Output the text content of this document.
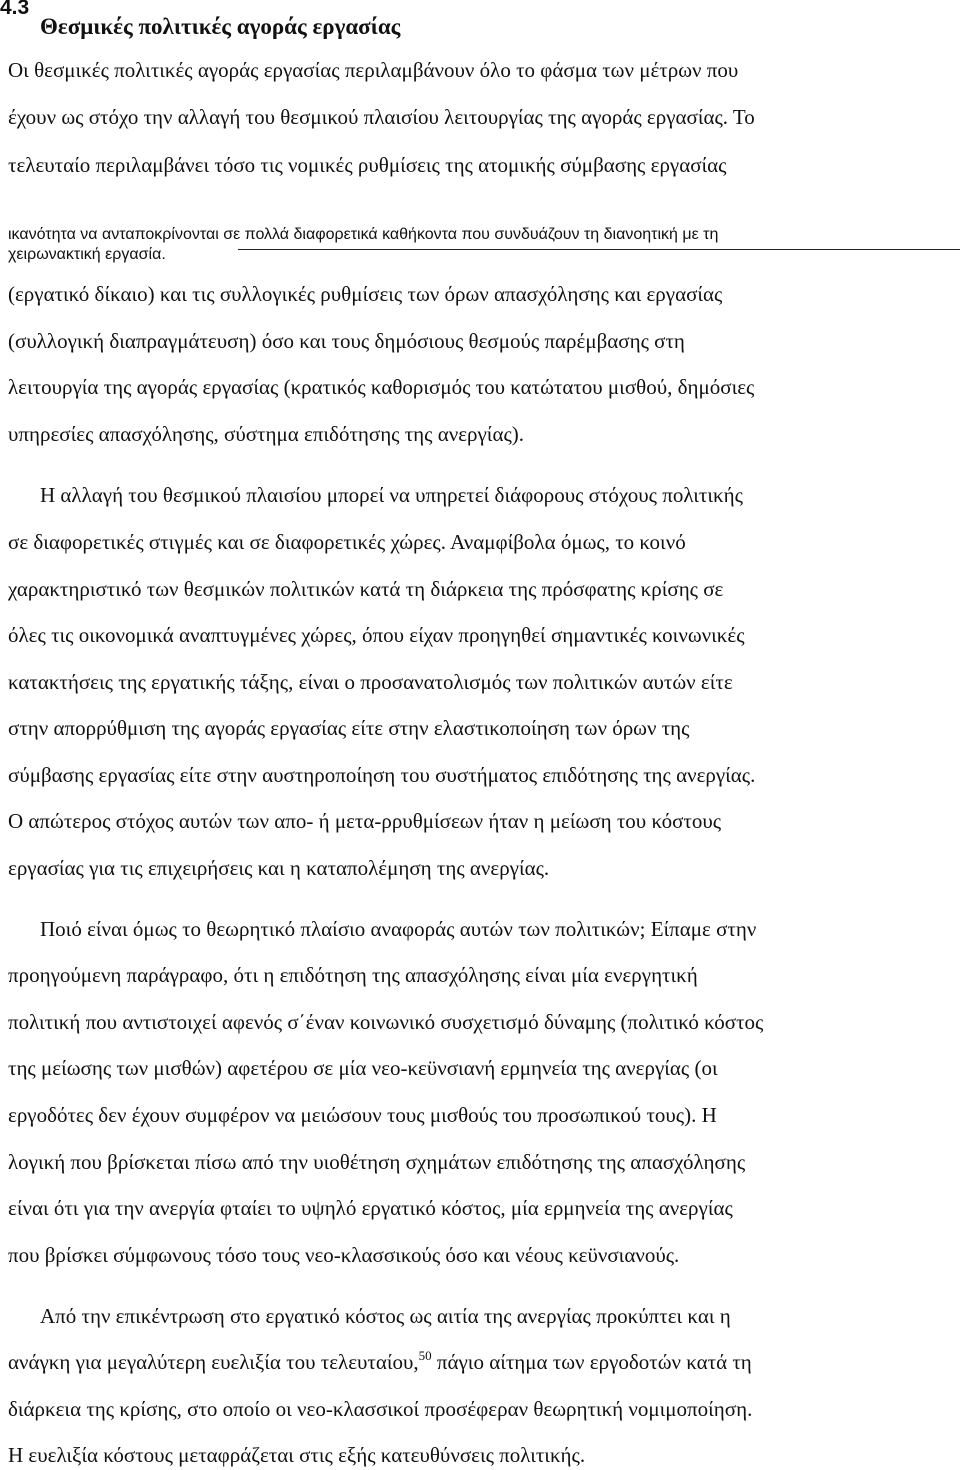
4.3
Θεσμικές πολιτικές αγοράς εργασίας
Οι θεσμικές πολιτικές αγοράς εργασίας περιλαμβάνουν όλο το φάσμα των μέτρων που
έχουν ως στόχο την αλλαγή του θεσμικού πλαισίου λειτουργίας της αγοράς εργασίας. Το
τελευταίο περιλαμβάνει τόσο τις νομικές ρυθμίσεις της ατομικής σύμβασης εργασίας
ικανότητα να ανταποκρίνονται σε πολλά διαφορετικά καθήκοντα που συνδυάζουν τη διανοητική με τη
χειρωνακτική εργασία.
(εργατικό δίκαιο) και τις συλλογικές ρυθμίσεις των όρων απασχόλησης και εργασίας
(συλλογική διαπραγμάτευση) όσο και τους δημόσιους θεσμούς παρέμβασης στη
λειτουργία της αγοράς εργασίας (κρατικός καθορισμός του κατώτατου μισθού, δημόσιες
υπηρεσίες απασχόλησης, σύστημα επιδότησης της ανεργίας).
Η αλλαγή του θεσμικού πλαισίου μπορεί να υπηρετεί διάφορους στόχους πολιτικής
σε διαφορετικές στιγμές και σε διαφορετικές χώρες. Αναμφίβολα όμως, το κοινό
χαρακτηριστικό των θεσμικών πολιτικών κατά τη διάρκεια της πρόσφατης κρίσης σε
όλες τις οικονομικά αναπτυγμένες χώρες, όπου είχαν προηγηθεί σημαντικές κοινωνικές
κατακτήσεις της εργατικής τάξης, είναι ο προσανατολισμός των πολιτικών αυτών είτε
στην απορρύθμιση της αγοράς εργασίας είτε στην ελαστικοποίηση των όρων της
σύμβασης εργασίας είτε στην αυστηροποίηση του συστήματος επιδότησης της ανεργίας.
Ο απώτερος στόχος αυτών των απο- ή μετα-ρρυθμίσεων ήταν η μείωση του κόστους
εργασίας για τις επιχειρήσεις και η καταπολέμηση της ανεργίας.
Ποιό είναι όμως το θεωρητικό πλαίσιο αναφοράς αυτών των πολιτικών; Είπαμε στην
προηγούμενη παράγραφο, ότι η επιδότηση της απασχόλησης είναι μία ενεργητική
πολιτική που αντιστοιχεί αφενός σ΄έναν κοινωνικό συσχετισμό δύναμης (πολιτικό κόστος
της μείωσης των μισθών) αφετέρου σε μία νεο-κεϋνσιανή ερμηνεία της ανεργίας (οι
εργοδότες δεν έχουν συμφέρον να μειώσουν τους μισθούς του προσωπικού τους). Η
λογική που βρίσκεται πίσω από την υιοθέτηση σχημάτων επιδότησης της απασχόλησης
είναι ότι για την ανεργία φταίει το υψηλό εργατικό κόστος, μία ερμηνεία της ανεργίας
που βρίσκει σύμφωνους τόσο τους νεο-κλασσικούς όσο και νέους κεϋνσιανούς.
Από την επικέντρωση στο εργατικό κόστος ως αιτία της ανεργίας προκύπτει και η
ανάγκη για μεγαλύτερη ευελιξία του τελευταίου,$^{50}$ πάγιο αίτημα των εργοδοτών κατά τη
διάρκεια της κρίσης, στο οποίο οι νεο-κλασσικοί προσέφεραν θεωρητική νομιμοποίηση.
Η ευελιξία κόστους μεταφράζεται στις εξής κατευθύνσεις πολιτικής.
